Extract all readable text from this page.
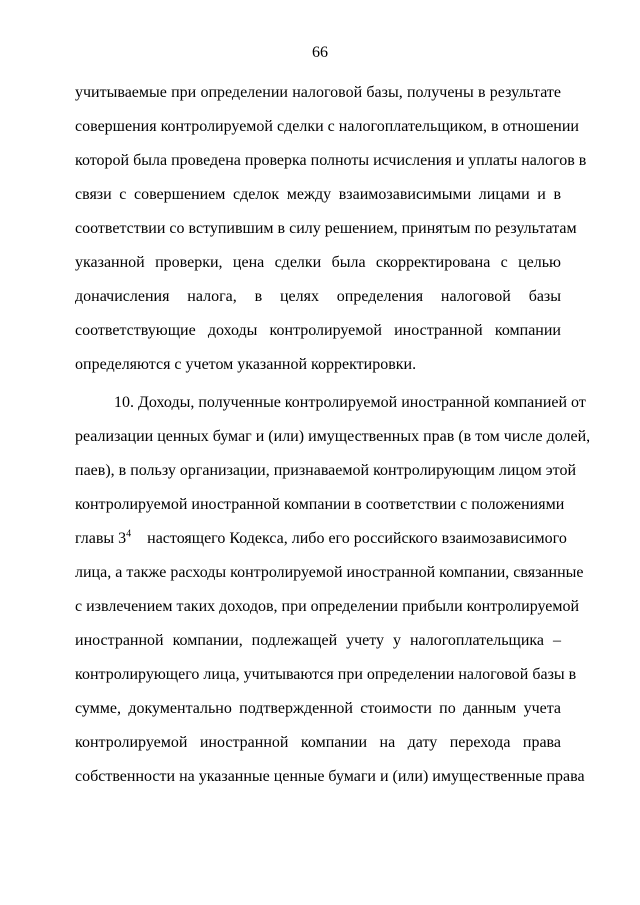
66
учитываемые при определении налоговой базы, получены в результате
совершения контролируемой сделки с налогоплательщиком, в отношении
которой была проведена проверка полноты исчисления и уплаты налогов в
связи с совершением сделок между взаимозависимыми лицами и в
соответствии со вступившим в силу решением, принятым по результатам
указанной проверки, цена сделки была скорректирована с целью
доначисления налога, в целях определения налоговой базы
соответствующие доходы контролируемой иностранной компании
определяются с учетом указанной корректировки.
10. Доходы, полученные контролируемой иностранной компанией от
реализации ценных бумаг и (или) имущественных прав (в том числе долей,
паев), в пользу организации, признаваемой контролирующим лицом этой
контролируемой иностранной компании в соответствии с положениями
главы $3^4$ настоящего Кодекса, либо его российского взаимозависимого
лица, а также расходы контролируемой иностранной компании, связанные
с извлечением таких доходов, при определении прибыли контролируемой
иностранной компании, подлежащей учету у налогоплательщика –
контролирующего лица, учитываются при определении налоговой базы в
сумме, документально подтвержденной стоимости по данным учета
контролируемой иностранной компании на дату перехода права
собственности на указанные ценные бумаги и (или) имущественные права
